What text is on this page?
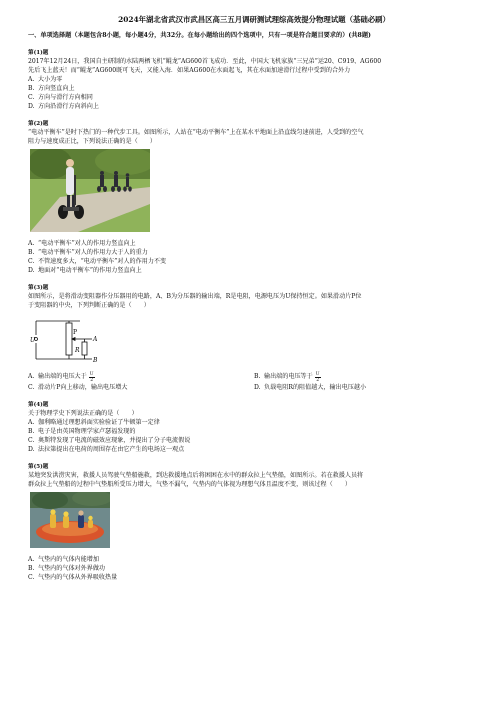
2024年湖北省武汉市武昌区高三五月调研测试理综高效提分物理试题（基础必刷）
一、单项选择题（本题包含8小题，每小题4分，共32分。在每小题给出的四个选项中，只有一项是符合题目要求的）(共8题)
第(1)题
2017年12月24日，我国自主研制的水陆两栖飞机“鲲龙”AG600首飞成功．至此，中国大飞机家族“三兄弟”运20、C919、AG600
先后飞上蓝天！而“鲲龙”AG600既可飞天，又能入海．如果AG600在水面起飞，其在水面加速滑行过程中受到的合外力
A. 大小为零
B. 方向竖直向上
C. 方向与滑行方向相同
D. 方向沿滑行方向斜向上
第(2)题
“电动平衡车”是时下热门的一种代步工具。如图所示，人站在“电动平衡车”上在某水平地面上沿直线匀速前进，人受到的空气
阻力与速度成正比，下列说法正确的是（　　）
A. “电动平衡车”对人的作用力竖直向上
B. “电动平衡车”对人的作用力大于人的重力
C. 不管速度多大，“电动平衡车”对人的作用力不变
D. 地面对“电动平衡车”的作用力竖直向上
第(3)题
如图所示，是将滑动变阻器作分压器用的电路，A、B为分压器的输出端，R是电阻，电源电压为U保持恒定。如果滑动片P位
于变阻器的中央，下列判断正确的是（　　）
U
P
A
B
R
A. 输出端的电压大于 $\frac{U}{2}$	B. 输出端的电压等于 $\frac{U}{2}$
C. 滑动片P向上移动，输出电压增大	D. 负载电阻R的阻值越大，输出电压越小
第(4)题
关于物理学史下列说法正确的是（　　）
A. 伽利略通过理想斜面实验验证了牛顿第一定律
B. 电子是由英国物理学家卢瑟福发现的
C. 奥斯特发现了电流的磁效应现象，并提出了分子电流假说
D. 法拉第提出在电荷的周围存在由它产生的电场这一观点
第(5)题
某地突发洪涝灾害，救援人员驾驶气垫船施救，到达救援地点后将困困在水中的群众拉上气垫船，如图所示。若在救援人员将
群众拉上气垫船的过程中气垫船所受压力增大，气垫不漏气，气垫内的气体视为理想气体且温度不变，则该过程（　　）
A. 气垫内的气体内能增加
B. 气垫内的气体对外界做功
C. 气垫内的气体从外界吸收热量
